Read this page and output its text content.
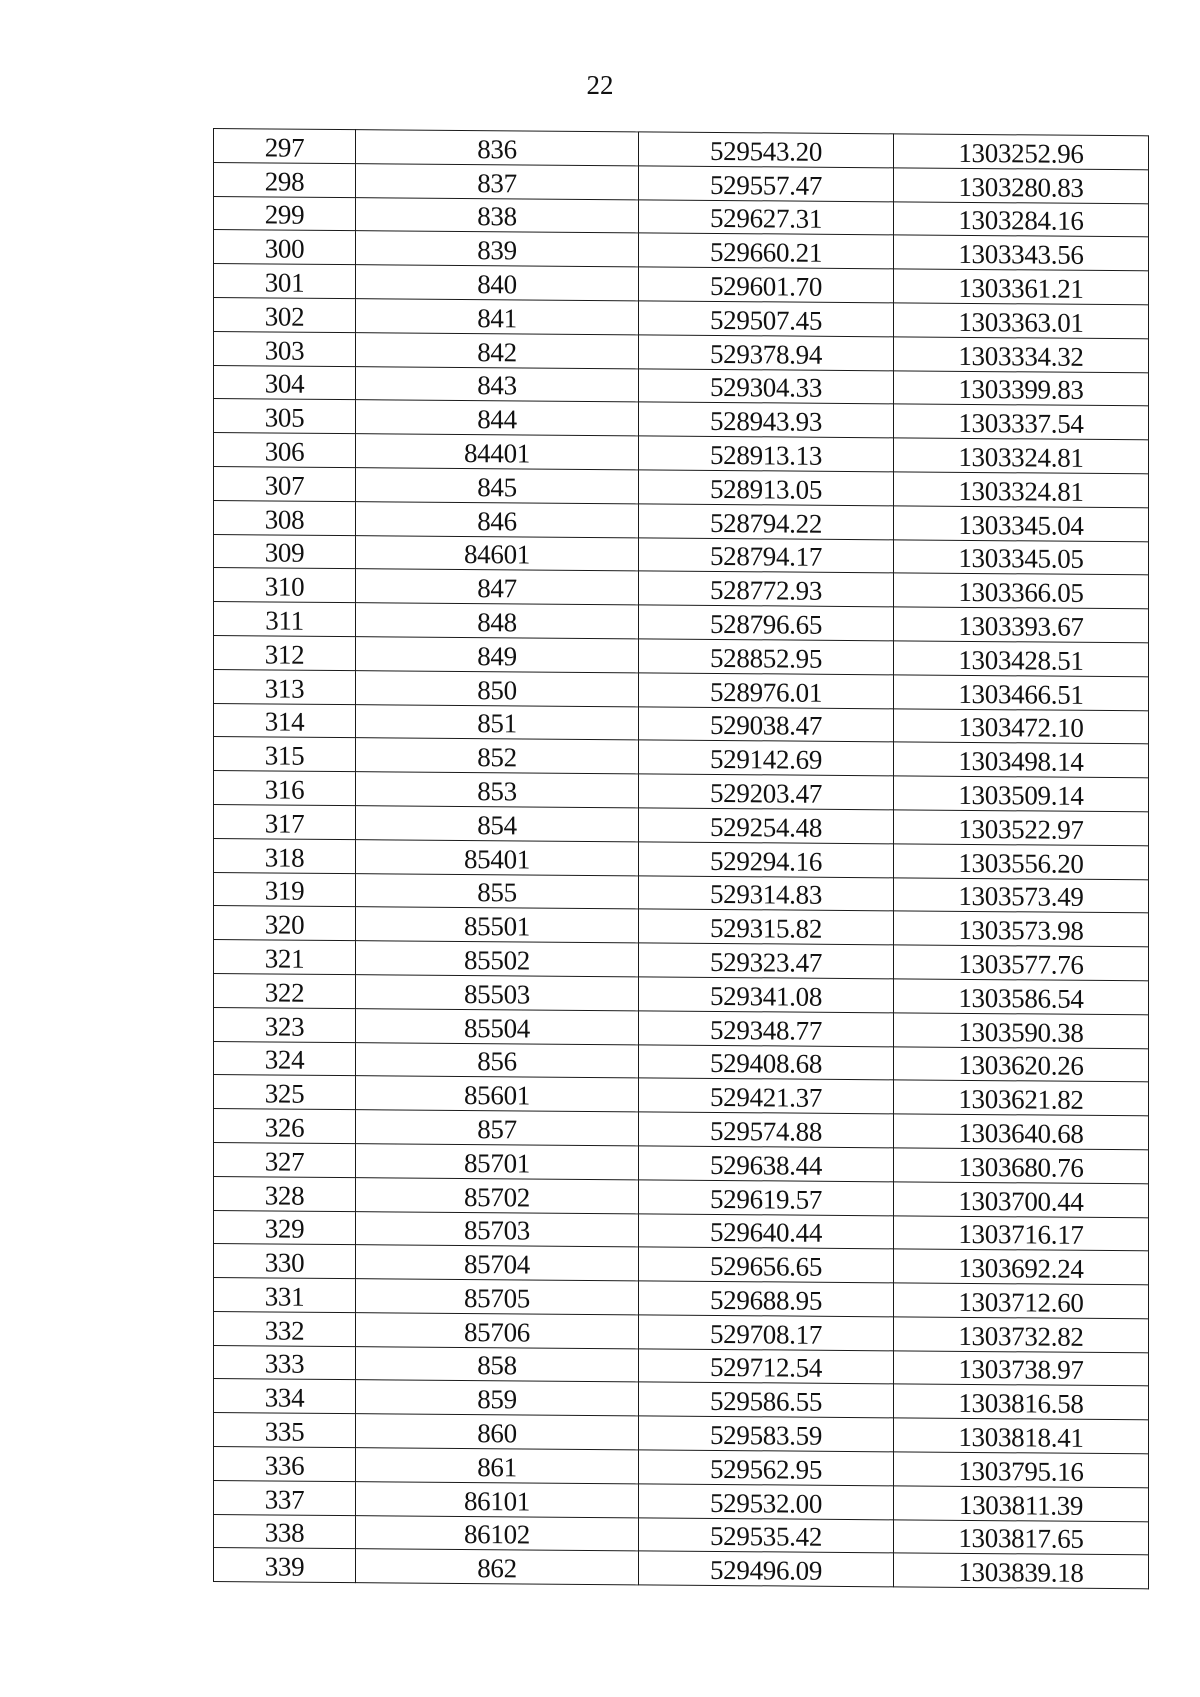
22
297	836	529543.20	1303252.96
298	837	529557.47	1303280.83
299	838	529627.31	1303284.16
300	839	529660.21	1303343.56
301	840	529601.70	1303361.21
302	841	529507.45	1303363.01
303	842	529378.94	1303334.32
304	843	529304.33	1303399.83
305	844	528943.93	1303337.54
306	84401	528913.13	1303324.81
307	845	528913.05	1303324.81
308	846	528794.22	1303345.04
309	84601	528794.17	1303345.05
310	847	528772.93	1303366.05
311	848	528796.65	1303393.67
312	849	528852.95	1303428.51
313	850	528976.01	1303466.51
314	851	529038.47	1303472.10
315	852	529142.69	1303498.14
316	853	529203.47	1303509.14
317	854	529254.48	1303522.97
318	85401	529294.16	1303556.20
319	855	529314.83	1303573.49
320	85501	529315.82	1303573.98
321	85502	529323.47	1303577.76
322	85503	529341.08	1303586.54
323	85504	529348.77	1303590.38
324	856	529408.68	1303620.26
325	85601	529421.37	1303621.82
326	857	529574.88	1303640.68
327	85701	529638.44	1303680.76
328	85702	529619.57	1303700.44
329	85703	529640.44	1303716.17
330	85704	529656.65	1303692.24
331	85705	529688.95	1303712.60
332	85706	529708.17	1303732.82
333	858	529712.54	1303738.97
334	859	529586.55	1303816.58
335	860	529583.59	1303818.41
336	861	529562.95	1303795.16
337	86101	529532.00	1303811.39
338	86102	529535.42	1303817.65
339	862	529496.09	1303839.18
